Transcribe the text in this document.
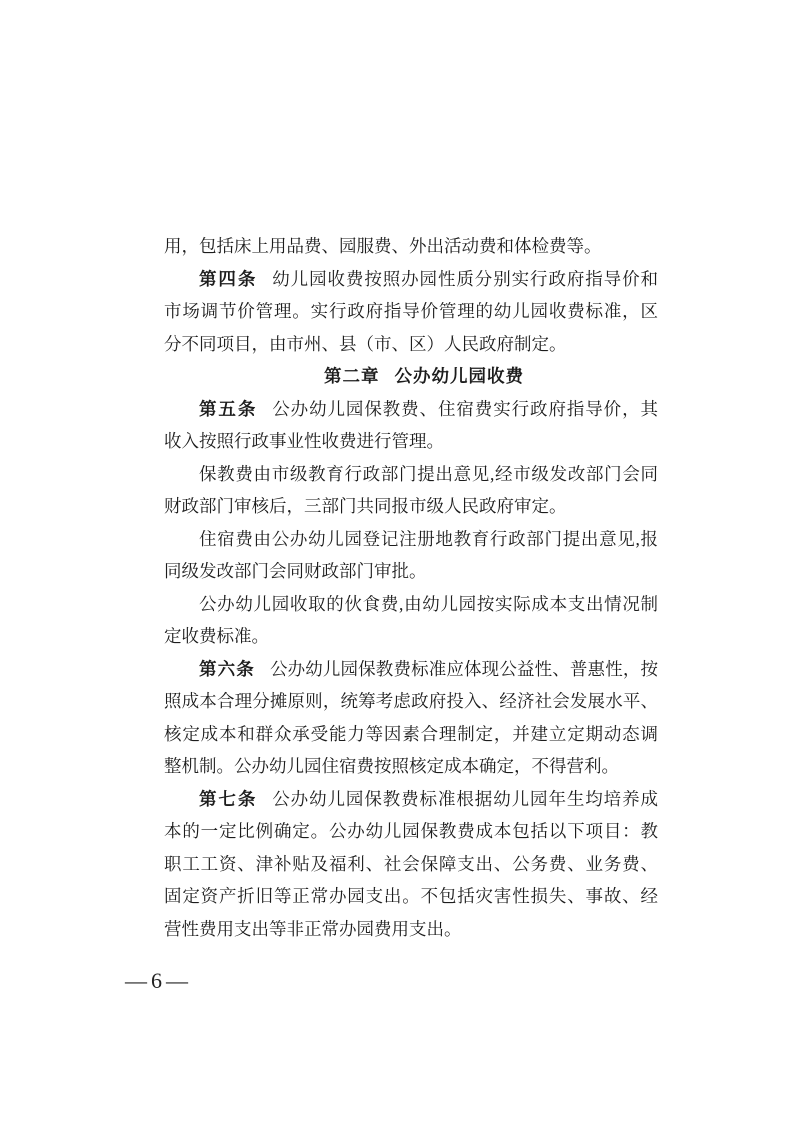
用，包括床上用品费、园服费、外出活动费和体检费等。
第四条 幼儿园收费按照办园性质分别实行政府指导价和
市场调节价管理。实行政府指导价管理的幼儿园收费标准，区
分不同项目，由市州、县（市、区）人民政府制定。
第二章 公办幼儿园收费
第五条 公办幼儿园保教费、住宿费实行政府指导价，其
收入按照行政事业性收费进行管理。
保教费由市级教育行政部门提出意见,经市级发改部门会同
财政部门审核后，三部门共同报市级人民政府审定。
住宿费由公办幼儿园登记注册地教育行政部门提出意见,报
同级发改部门会同财政部门审批。
公办幼儿园收取的伙食费,由幼儿园按实际成本支出情况制
定收费标准。
第六条 公办幼儿园保教费标准应体现公益性、普惠性，按
照成本合理分摊原则，统筹考虑政府投入、经济社会发展水平、
核定成本和群众承受能力等因素合理制定，并建立定期动态调
整机制。公办幼儿园住宿费按照核定成本确定，不得营利。
第七条 公办幼儿园保教费标准根据幼儿园年生均培养成
本的一定比例确定。公办幼儿园保教费成本包括以下项目：教
职工工资、津补贴及福利、社会保障支出、公务费、业务费、
固定资产折旧等正常办园支出。不包括灾害性损失、事故、经
营性费用支出等非正常办园费用支出。
— 6 —
